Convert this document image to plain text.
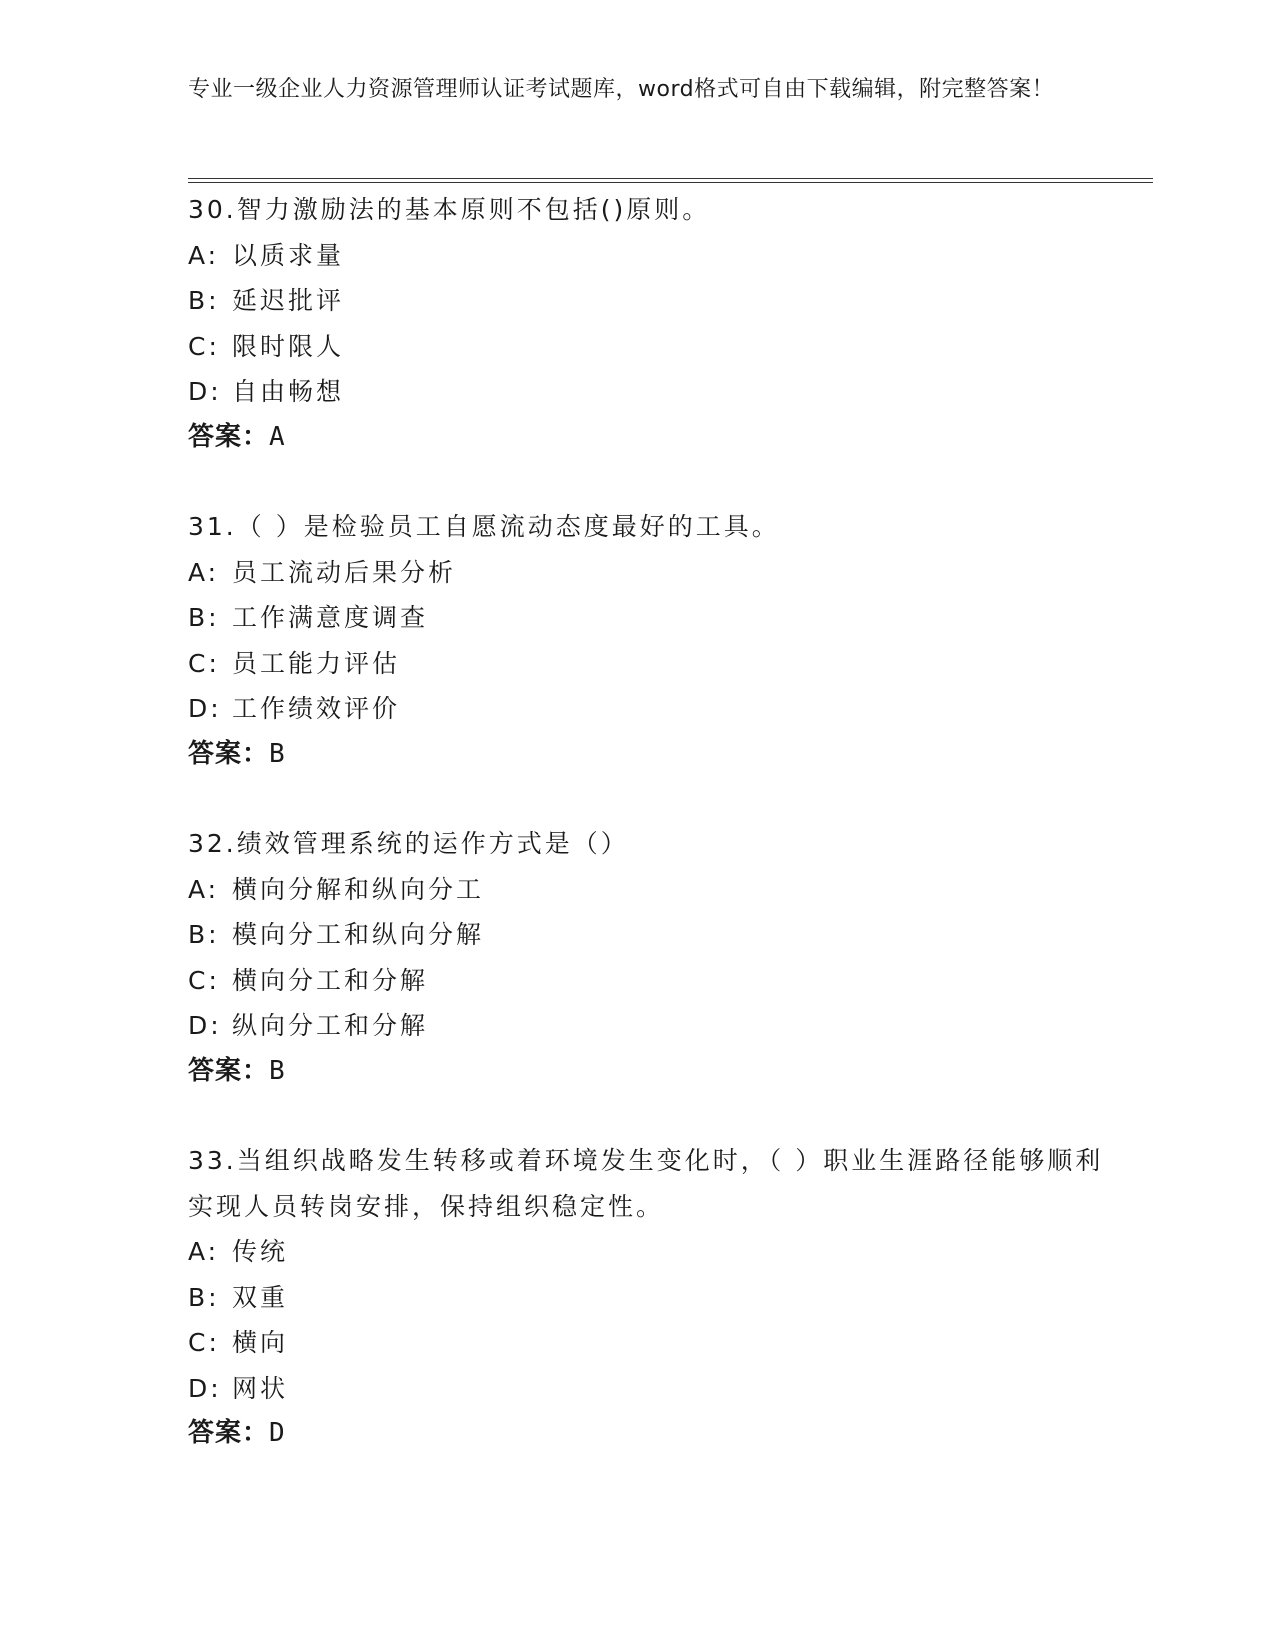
专业一级企业人力资源管理师认证考试题库，word格式可自由下载编辑，附完整答案！
30.智力激励法的基本原则不包括()原则。
A: 以质求量
B: 延迟批评
C: 限时限人
D: 自由畅想
答案：A
31.（ ）是检验员工自愿流动态度最好的工具。
A: 员工流动后果分析
B: 工作满意度调查
C: 员工能力评估
D: 工作绩效评价
答案：B
32.绩效管理系统的运作方式是（）
A: 横向分解和纵向分工
B: 模向分工和纵向分解
C: 横向分工和分解
D: 纵向分工和分解
答案：B
33.当组织战略发生转移或着环境发生变化时，（ ）职业生涯路径能够顺利实现人员转岗安排，保持组织稳定性。
A: 传统
B: 双重
C: 横向
D: 网状
答案：D
